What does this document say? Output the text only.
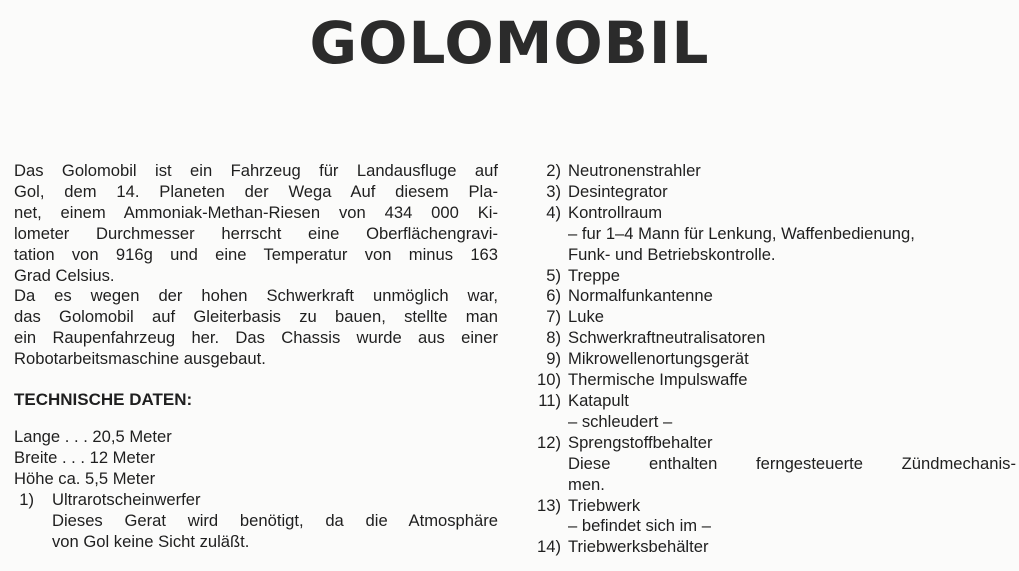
GOLOMOBIL

Das Golomobil ist ein Fahrzeug für Landausfluge auf

Gol, dem 14. Planeten der Wega Auf diesem Pla-

net, einem Ammoniak-Methan-Riesen von 434 000 Ki-

lometer Durchmesser herrscht eine Oberflächengravi-

tation von 916g und eine Temperatur von minus 163

Grad Celsius.

Da es wegen der hohen Schwerkraft unmöglich war,

das Golomobil auf Gleiterbasis zu bauen, stellte man

ein Raupenfahrzeug her. Das Chassis wurde aus einer

Robotarbeitsmaschine ausgebaut.

TECHNISCHE DATEN:
Lange . . . 20,5 Meter
Breite . . . 12 Meter
Höhe ca. 5,5 Meter
1) Ultrarotscheinwerfer
Dieses Gerat wird benötigt, da die Atmosphäre
von Gol keine Sicht zuläßt.
2) Neutronenstrahler
3) Desintegrator
4) Kontrollraum
– fur 1–4 Mann für Lenkung, Waffenbedienung,
Funk- und Betriebskontrolle.
5) Treppe
6) Normalfunkantenne
7) Luke
8) Schwerkraftneutralisatoren
9) Mikrowellenortungsgerät
10) Thermische Impulswaffe
11) Katapult
– schleudert –
12) Sprengstoffbehalter
Diese enthalten ferngesteuerte Zündmechanis-
men.
13) Triebwerk
– befindet sich im –
14) Triebwerksbehälter
